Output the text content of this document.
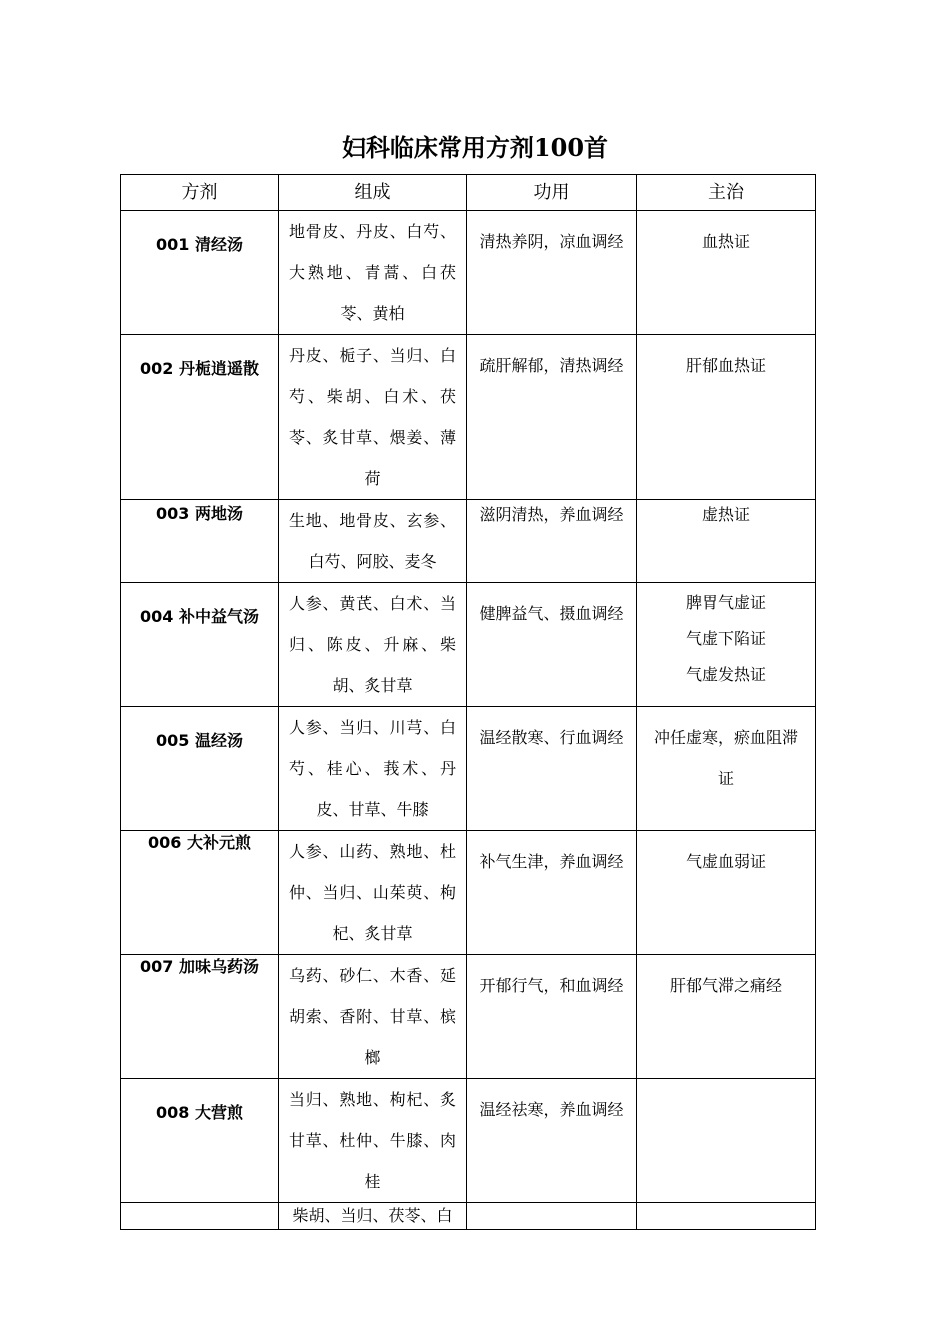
妇科临床常用方剂100首
方剂	组成	功用	主治
001 清经汤	地骨皮、丹皮、白芍、大熟地、青蒿、白茯苓、黄柏	清热养阴，凉血调经	血热证

002 丹栀逍遥散	丹皮、栀子、当归、白芍、柴胡、白术、茯苓、炙甘草、煨姜、薄荷	疏肝解郁，清热调经	肝郁血热证

003 两地汤	生地、地骨皮、玄参、白芍、阿胶、麦冬	滋阴清热，养血调经	虚热证

004 补中益气汤	人参、黄芪、白术、当归、陈皮、升麻、柴胡、炙甘草	健脾益气、摄血调经	脾胃气虚证
气虚下陷证
气虚发热证

005 温经汤	人参、当归、川芎、白芍、桂心、莪术、丹皮、甘草、牛膝	温经散寒、行血调经	冲任虚寒，瘀血阻滞证
006 大补元煎	人参、山药、熟地、杜仲、当归、山茱萸、枸杞、炙甘草	补气生津，养血调经	气虚血弱证

007 加味乌药汤	乌药、砂仁、木香、延胡索、香附、甘草、槟榔	开郁行气，和血调经	肝郁气滞之痛经

008 大营煎	当归、熟地、枸杞、炙甘草、杜仲、牛膝、肉桂	温经祛寒，养血调经	
	柴胡、当归、茯苓、白		
